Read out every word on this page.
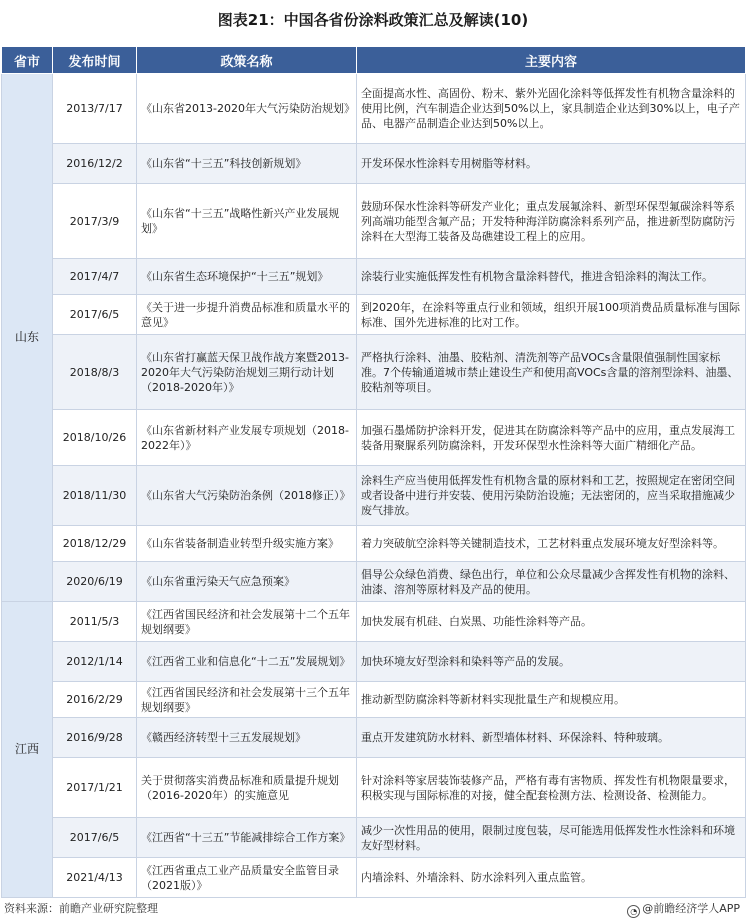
图表21：中国各省份涂料政策汇总及解读(10)
省市	发布时间	政策名称	主要内容
山东	2013/7/17	《山东省2013-2020年大气污染防治规划》	全面提高水性、高固份、粉末、紫外光固化涂料等低挥发性有机物含量涂料的使用比例，汽车制造企业达到50%以上，家具制造企业达到30%以上，电子产品、电器产品制造企业达到50%以上。
	2016/12/2	《山东省“十三五”科技创新规划》	开发环保水性涂料专用树脂等材料。
	2017/3/9	《山东省“十三五”战略性新兴产业发展规划》	鼓励环保水性涂料等研发产业化；重点发展氟涂料、新型环保型氟碳涂料等系列高端功能型含氟产品；开发特种海洋防腐涂料系列产品，推进新型防腐防污涂料在大型海工装备及岛礁建设工程上的应用。
	2017/4/7	《山东省生态环境保护“十三五”规划》	涂装行业实施低挥发性有机物含量涂料替代，推进含铅涂料的淘汰工作。
	2017/6/5	《关于进一步提升消费品标准和质量水平的意见》	到2020年，在涂料等重点行业和领域，组织开展100项消费品质量标准与国际标准、国外先进标准的比对工作。
	2018/8/3	《山东省打赢蓝天保卫战作战方案暨2013-2020年大气污染防治规划三期行动计划（2018-2020年）》	严格执行涂料、油墨、胶粘剂、清洗剂等产品VOCs含量限值强制性国家标准。7个传输通道城市禁止建设生产和使用高VOCs含量的溶剂型涂料、油墨、胶粘剂等项目。
	2018/10/26	《山东省新材料产业发展专项规划（2018-2022年）》	加强石墨烯防护涂料开发，促进其在防腐涂料等产品中的应用，重点发展海工装备用聚脲系列防腐涂料，开发环保型水性涂料等大面广精细化产品。
	2018/11/30	《山东省大气污染防治条例（2018修正）》	涂料生产应当使用低挥发性有机物含量的原材料和工艺，按照规定在密闭空间或者设备中进行并安装、使用污染防治设施；无法密闭的，应当采取措施减少废气排放。
	2018/12/29	《山东省装备制造业转型升级实施方案》	着力突破航空涂料等关键制造技术，工艺材料重点发展环境友好型涂料等。
	2020/6/19	《山东省重污染天气应急预案》	倡导公众绿色消费、绿色出行，单位和公众尽量减少含挥发性有机物的涂料、油漆、溶剂等原材料及产品的使用。
江西	2011/5/3	《江西省国民经济和社会发展第十二个五年规划纲要》	加快发展有机硅、白炭黑、功能性涂料等产品。
	2012/1/14	《江西省工业和信息化“十二五”发展规划》	加快环境友好型涂料和染料等产品的发展。
	2016/2/29	《江西省国民经济和社会发展第十三个五年规划纲要》	推动新型防腐涂料等新材料实现批量生产和规模应用。
	2016/9/28	《赣西经济转型十三五发展规划》	重点开发建筑防水材料、新型墙体材料、环保涂料、特种玻璃。
	2017/1/21	关于贯彻落实消费品标准和质量提升规划（2016-2020年）的实施意见	针对涂料等家居装饰装修产品，严格有毒有害物质、挥发性有机物限量要求，积极实现与国际标准的对接，健全配套检测方法、检测设备、检测能力。
	2017/6/5	《江西省“十三五”节能减排综合工作方案》	减少一次性用品的使用，限制过度包装，尽可能选用低挥发性水性涂料和环境友好型材料。
	2021/4/13	《江西省重点工业产品质量安全监管目录（2021版）》	内墙涂料、外墙涂料、防水涂料列入重点监管。
资料来源：前瞻产业研究院整理	◔ @前瞻经济学人APP
